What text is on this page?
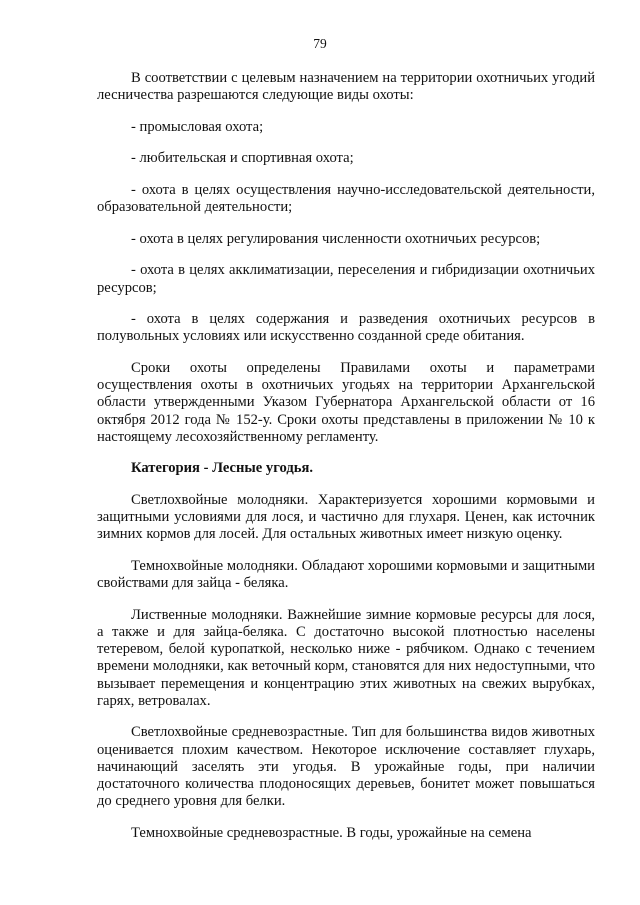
79

В соответствии с целевым назначением на территории охотничьих угодий лесничества разрешаются следующие виды охоты:

- промысловая охота;

- любительская и спортивная охота;

- охота в целях осуществления научно-исследовательской деятельности, образовательной деятельности;

- охота в целях регулирования численности охотничьих ресурсов;

- охота в целях акклиматизации, переселения и гибридизации охотничьих ресурсов;

- охота в целях содержания и разведения охотничьих ресурсов в полувольных условиях или искусственно созданной среде обитания.

Сроки охоты определены Правилами охоты и параметрами осуществления охоты в охотничьих угодьях на территории Архангельской области утвержденными Указом Губернатора Архангельской области от 16 октября 2012 года № 152-у. Сроки охоты представлены в приложении № 10 к настоящему лесохозяйственному регламенту.

Категория - Лесные угодья.

Светлохвойные молодняки. Характеризуется хорошими кормовыми и защитными условиями для лося, и частично для глухаря. Ценен, как источник зимних кормов для лосей. Для остальных животных имеет низкую оценку.

Темнохвойные молодняки. Обладают хорошими кормовыми и защитными свойствами для зайца - беляка.

Лиственные молодняки. Важнейшие зимние кормовые ресурсы для лося, а также и для зайца-беляка. С достаточно высокой плотностью населены тетеревом, белой куропаткой, несколько ниже - рябчиком. Однако с течением времени молодняки, как веточный корм, становятся для них недоступными, что вызывает перемещения и концентрацию этих животных на свежих вырубках, гарях, ветровалах.

Светлохвойные средневозрастные. Тип для большинства видов животных оценивается плохим качеством. Некоторое исключение составляет глухарь, начинающий заселять эти угодья. В урожайные годы, при наличии достаточного количества плодоносящих деревьев, бонитет может повышаться до среднего уровня для белки.

Темнохвойные средневозрастные. В годы, урожайные на семена
